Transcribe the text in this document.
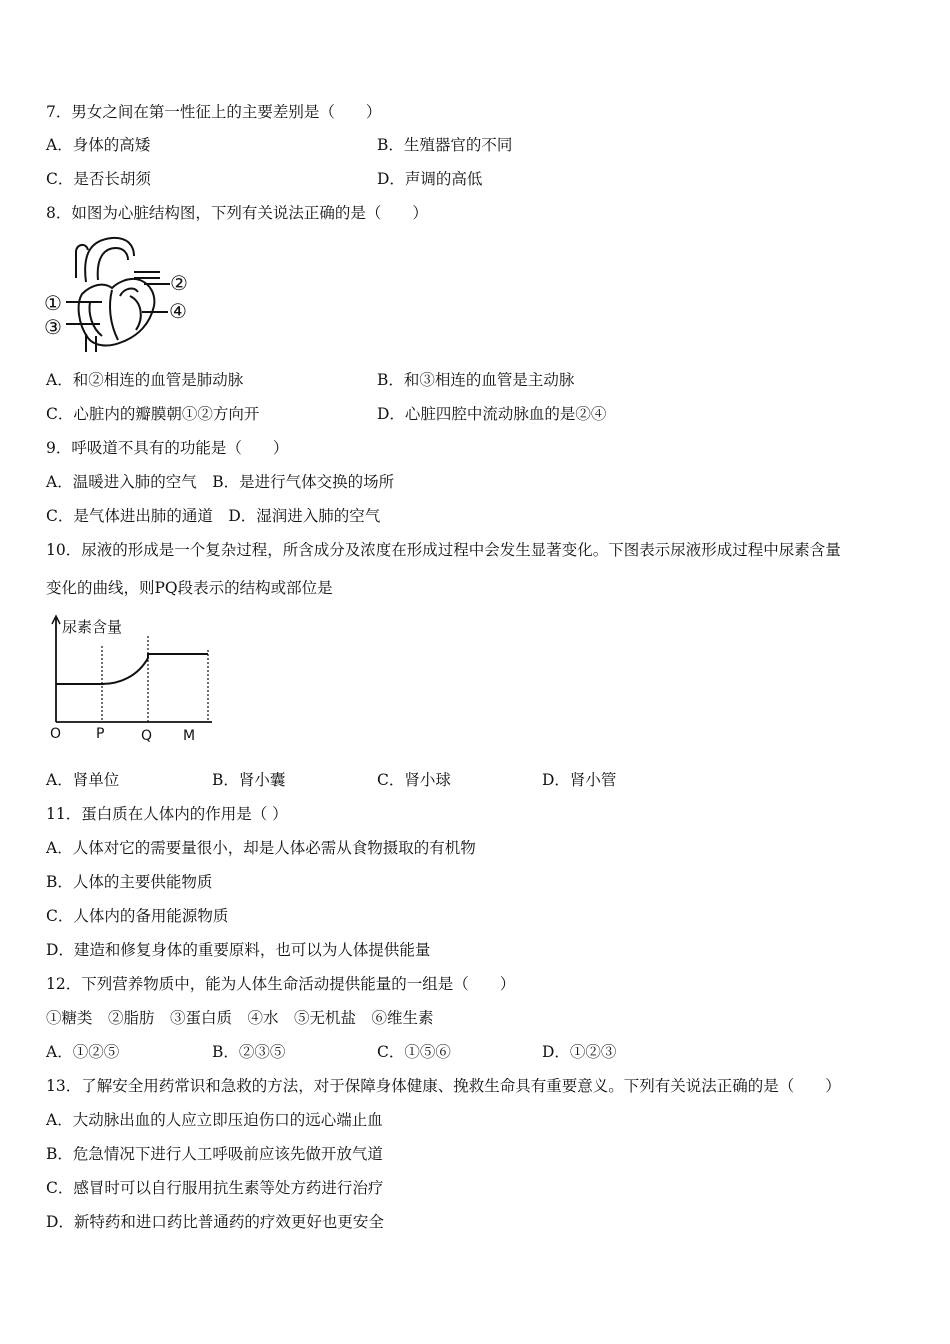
7．男女之间在第一性征上的主要差别是（　　）
A．身体的高矮	B．生殖器官的不同
C．是否长胡须	D．声调的高低
8．如图为心脏结构图，下列有关说法正确的是（　　）
①
②
③
④
A．和②相连的血管是肺动脉	B．和③相连的血管是主动脉
C．心脏内的瓣膜朝①②方向开	D．心脏四腔中流动脉血的是②④
9．呼吸道不具有的功能是（　　）
A．温暖进入肺的空气　B．是进行气体交换的场所
C．是气体进出肺的通道　D．湿润进入肺的空气
10．尿液的形成是一个复杂过程，所含成分及浓度在形成过程中会发生显著变化。下图表示尿液形成过程中尿素含量
变化的曲线，则PQ段表示的结构或部位是
尿素含量
O P	Q M
A．肾单位	B．肾小囊	C．肾小球	D．肾小管
11．蛋白质在人体内的作用是（ ）
A．人体对它的需要量很小，却是人体必需从食物摄取的有机物
B．人体的主要供能物质
C．人体内的备用能源物质
D．建造和修复身体的重要原料，也可以为人体提供能量
12．下列营养物质中，能为人体生命活动提供能量的一组是（　　）
①糖类　②脂肪　③蛋白质　④水　⑤无机盐　⑥维生素
A．①②⑤	B．②③⑤	C．①⑤⑥	D．①②③
13．了解安全用药常识和急救的方法，对于保障身体健康、挽救生命具有重要意义。下列有关说法正确的是（　　）
A．大动脉出血的人应立即压迫伤口的远心端止血
B．危急情况下进行人工呼吸前应该先做开放气道
C．感冒时可以自行服用抗生素等处方药进行治疗
D．新特药和进口药比普通药的疗效更好也更安全
